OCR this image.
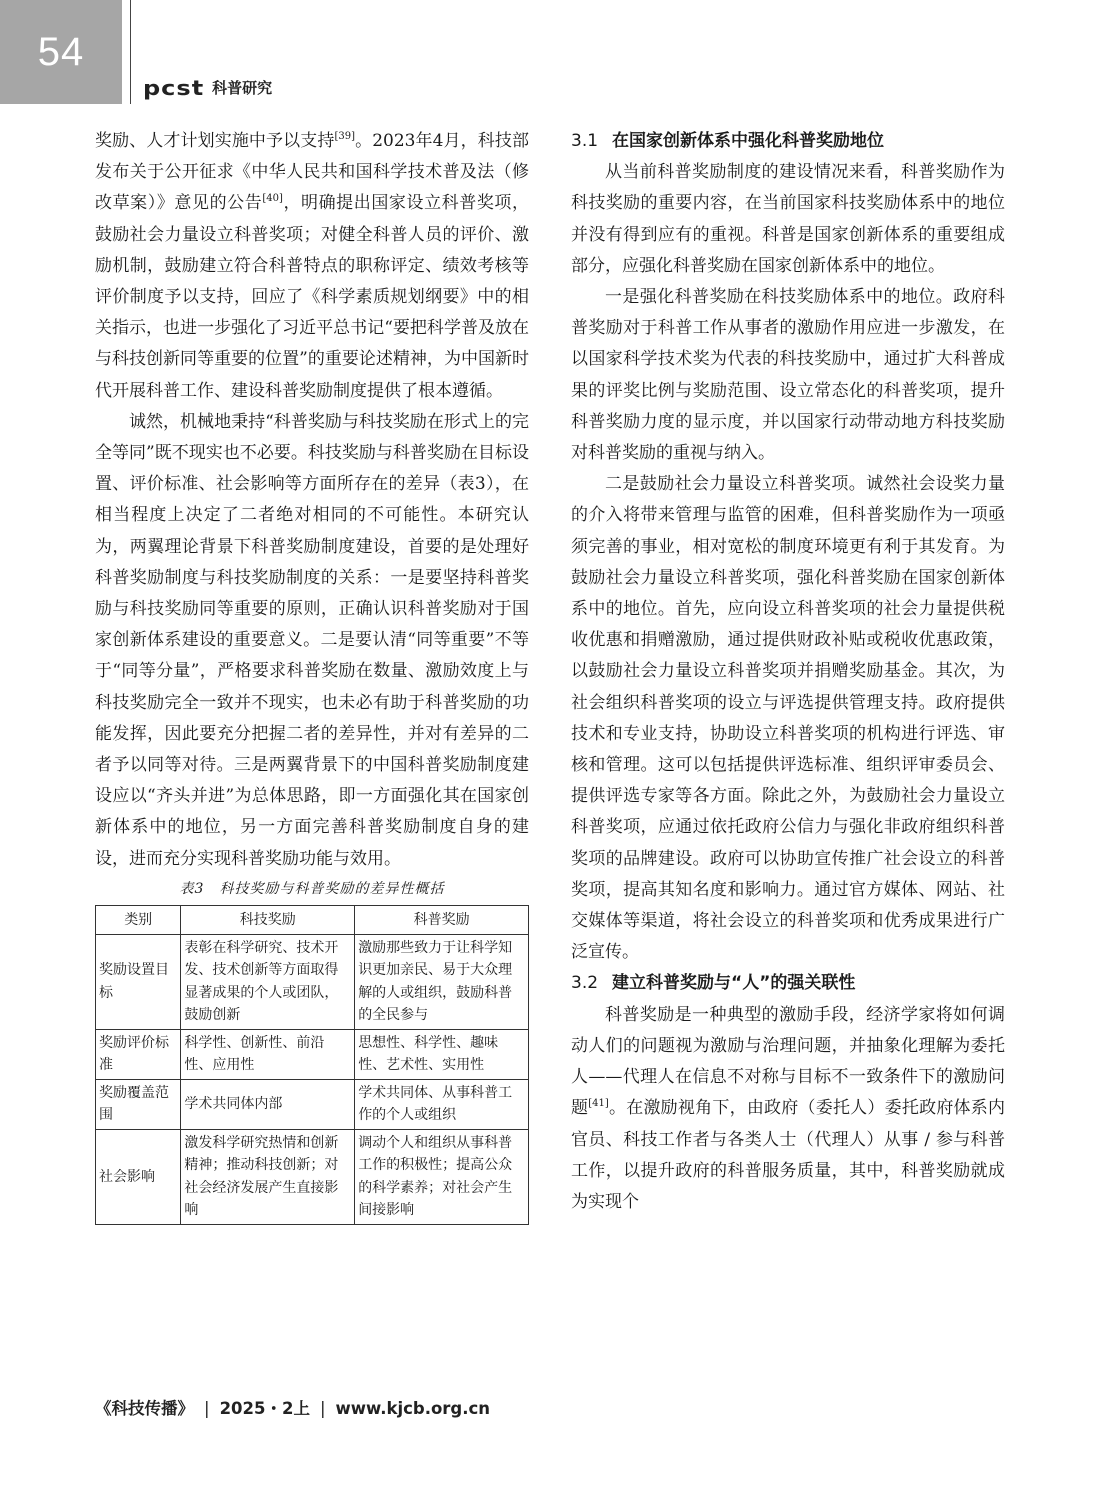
54
pcst 科普研究

奖励、人才计划实施中予以支持[39]。2023年4月，科技部发布关于公开征求《中华人民共和国科学技术普及法（修改草案）》意见的公告[40]，明确提出国家设立科普奖项，鼓励社会力量设立科普奖项；对健全科普人员的评价、激励机制，鼓励建立符合科普特点的职称评定、绩效考核等评价制度予以支持，回应了《科学素质规划纲要》中的相关指示，也进一步强化了习近平总书记“要把科学普及放在与科技创新同等重要的位置”的重要论述精神，为中国新时代开展科普工作、建设科普奖励制度提供了根本遵循。

诚然，机械地秉持“科普奖励与科技奖励在形式上的完全等同”既不现实也不必要。科技奖励与科普奖励在目标设置、评价标准、社会影响等方面所存在的差异（表3），在相当程度上决定了二者绝对相同的不可能性。本研究认为，两翼理论背景下科普奖励制度建设，首要的是处理好科普奖励制度与科技奖励制度的关系：一是要坚持科普奖励与科技奖励同等重要的原则，正确认识科普奖励对于国家创新体系建设的重要意义。二是要认清“同等重要”不等于“同等分量”，严格要求科普奖励在数量、激励效度上与科技奖励完全一致并不现实，也未必有助于科普奖励的功能发挥，因此要充分把握二者的差异性，并对有差异的二者予以同等对待。三是两翼背景下的中国科普奖励制度建设应以“齐头并进”为总体思路，即一方面强化其在国家创新体系中的地位，另一方面完善科普奖励制度自身的建设，进而充分实现科普奖励功能与效用。

表3　科技奖励与科普奖励的差异性概括
类别	科技奖励	科普奖励
奖励设置目标	表彰在科学研究、技术开发、技术创新等方面取得显著成果的个人或团队，鼓励创新	激励那些致力于让科学知识更加亲民、易于大众理解的人或组织，鼓励科普的全民参与
奖励评价标准	科学性、创新性、前沿性、应用性	思想性、科学性、趣味性、艺术性、实用性
奖励覆盖范围	学术共同体内部	学术共同体、从事科普工作的个人或组织
社会影响	激发科学研究热情和创新精神；推动科技创新；对社会经济发展产生直接影响	调动个人和组织从事科普工作的积极性；提高公众的科学素养；对社会产生间接影响
3.1 在国家创新体系中强化科普奖励地位

从当前科普奖励制度的建设情况来看，科普奖励作为科技奖励的重要内容，在当前国家科技奖励体系中的地位并没有得到应有的重视。科普是国家创新体系的重要组成部分，应强化科普奖励在国家创新体系中的地位。

一是强化科普奖励在科技奖励体系中的地位。政府科普奖励对于科普工作从事者的激励作用应进一步激发，在以国家科学技术奖为代表的科技奖励中，通过扩大科普成果的评奖比例与奖励范围、设立常态化的科普奖项，提升科普奖励力度的显示度，并以国家行动带动地方科技奖励对科普奖励的重视与纳入。

二是鼓励社会力量设立科普奖项。诚然社会设奖力量的介入将带来管理与监管的困难，但科普奖励作为一项亟须完善的事业，相对宽松的制度环境更有利于其发育。为鼓励社会力量设立科普奖项，强化科普奖励在国家创新体系中的地位。首先，应向设立科普奖项的社会力量提供税收优惠和捐赠激励，通过提供财政补贴或税收优惠政策，以鼓励社会力量设立科普奖项并捐赠奖励基金。其次，为社会组织科普奖项的设立与评选提供管理支持。政府提供技术和专业支持，协助设立科普奖项的机构进行评选、审核和管理。这可以包括提供评选标准、组织评审委员会、提供评选专家等各方面。除此之外，为鼓励社会力量设立科普奖项，应通过依托政府公信力与强化非政府组织科普奖项的品牌建设。政府可以协助宣传推广社会设立的科普奖项，提高其知名度和影响力。通过官方媒体、网站、社交媒体等渠道，将社会设立的科普奖项和优秀成果进行广泛宣传。

3.2 建立科普奖励与“人”的强关联性

科普奖励是一种典型的激励手段，经济学家将如何调动人们的问题视为激励与治理问题，并抽象化理解为委托人——代理人在信息不对称与目标不一致条件下的激励问题[41]。在激励视角下，由政府（委托人）委托政府体系内官员、科技工作者与各类人士（代理人）从事 / 参与科普工作，以提升政府的科普服务质量，其中，科普奖励就成为实现个

《科技传播》 | 2025・2上 | www.kjcb.org.cn
